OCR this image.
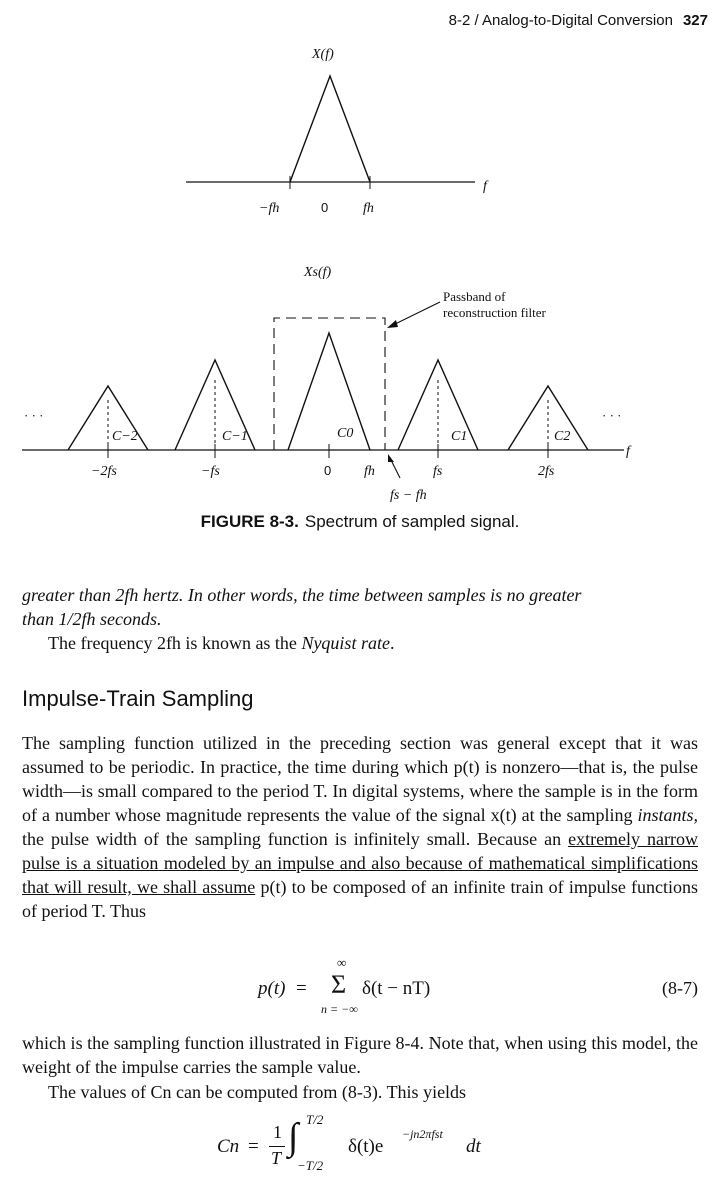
8-2 / Analog-to-Digital Conversion 327
X(f)
f
−fh	0 fh
Xs(f)
f
· · ·	· · ·
Passband of
reconstruction filter
C−2	C−1	C0	C1	C2
−2fs	−fs	0 fh	fs	2fs
fs − fh
FIGURE 8-3. Spectrum of sampled signal.
greater than 2fh hertz. In other words, the time between samples is no greater
than 1/2fh seconds.
The frequency 2fh is known as the Nyquist rate.
Impulse-Train Sampling
The sampling function utilized in the preceding section was general except that it was assumed to be periodic. In practice, the time during which p(t) is nonzero—that is, the pulse width—is small compared to the period T. In digital systems, where the sample is in the form of a number whose magnitude represents the value of the signal x(t) at the sampling instants, the pulse width of the sampling function is infinitely small. Because an extremely narrow pulse is a situation modeled by an impulse and also because of mathematical simplifications that will result, we shall assume p(t) to be composed of an infinite train of impulse functions of period T. Thus
p(t) =
∞
Σ
n = −∞
δ(t − nT)	(8-7)
which is the sampling function illustrated in Figure 8-4. Note that, when using this model, the weight of the impulse carries the sample value.
The values of Cn can be computed from (8-3). This yields
Cn =
1
T ∫ T/2
−T/2
δ(t)e
−jn2πfst
dt
